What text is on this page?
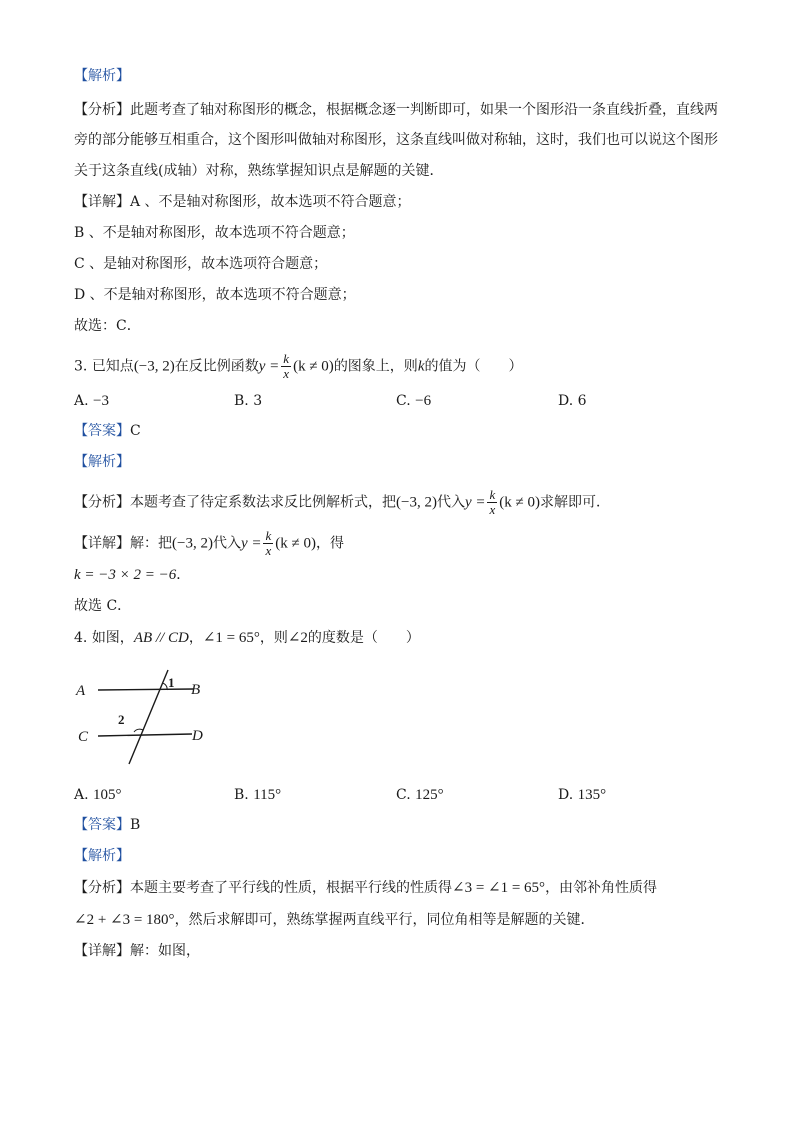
【解析】
【分析】此题考查了轴对称图形的概念，根据概念逐一判断即可，如果一个图形沿一条直线折叠，直线两
旁的部分能够互相重合，这个图形叫做轴对称图形，这条直线叫做对称轴，这时，我们也可以说这个图形
关于这条直线(成轴）对称，熟练掌握知识点是解题的关键．
【详解】A 、不是轴对称图形，故本选项不符合题意；
B 、不是轴对称图形，故本选项不符合题意；
C 、是轴对称图形，故本选项符合题意；
D 、不是轴对称图形，故本选项不符合题意；
故选：C．
3. 已知点(−3, 2)在反比例函数$y = \frac{k}{x} (k \ne 0)$的图象上，则k的值为（　　）
A. −3	B. 3	C. −6	D. 6
【答案】C
【解析】
【分析】本题考查了待定系数法求反比例解析式，把(−3, 2)代入$y = \frac{k}{x} (k \ne 0)$求解即可．
【详解】解：把(−3, 2)代入$y = \frac{k}{x} (k \ne 0)$，得
k = −3 × 2 = −6．
故选 C．
4. 如图，AB // CD，∠1 = 65°，则∠2的度数是（　　）
A	B
C	D
1
2
A. 105°	B. 115°	C. 125°	D. 135°
【答案】B
【解析】
【分析】本题主要考查了平行线的性质，根据平行线的性质得∠3 = ∠1 = 65°，由邻补角性质得
∠2 + ∠3 = 180°，然后求解即可，熟练掌握两直线平行，同位角相等是解题的关键．
【详解】解：如图，
